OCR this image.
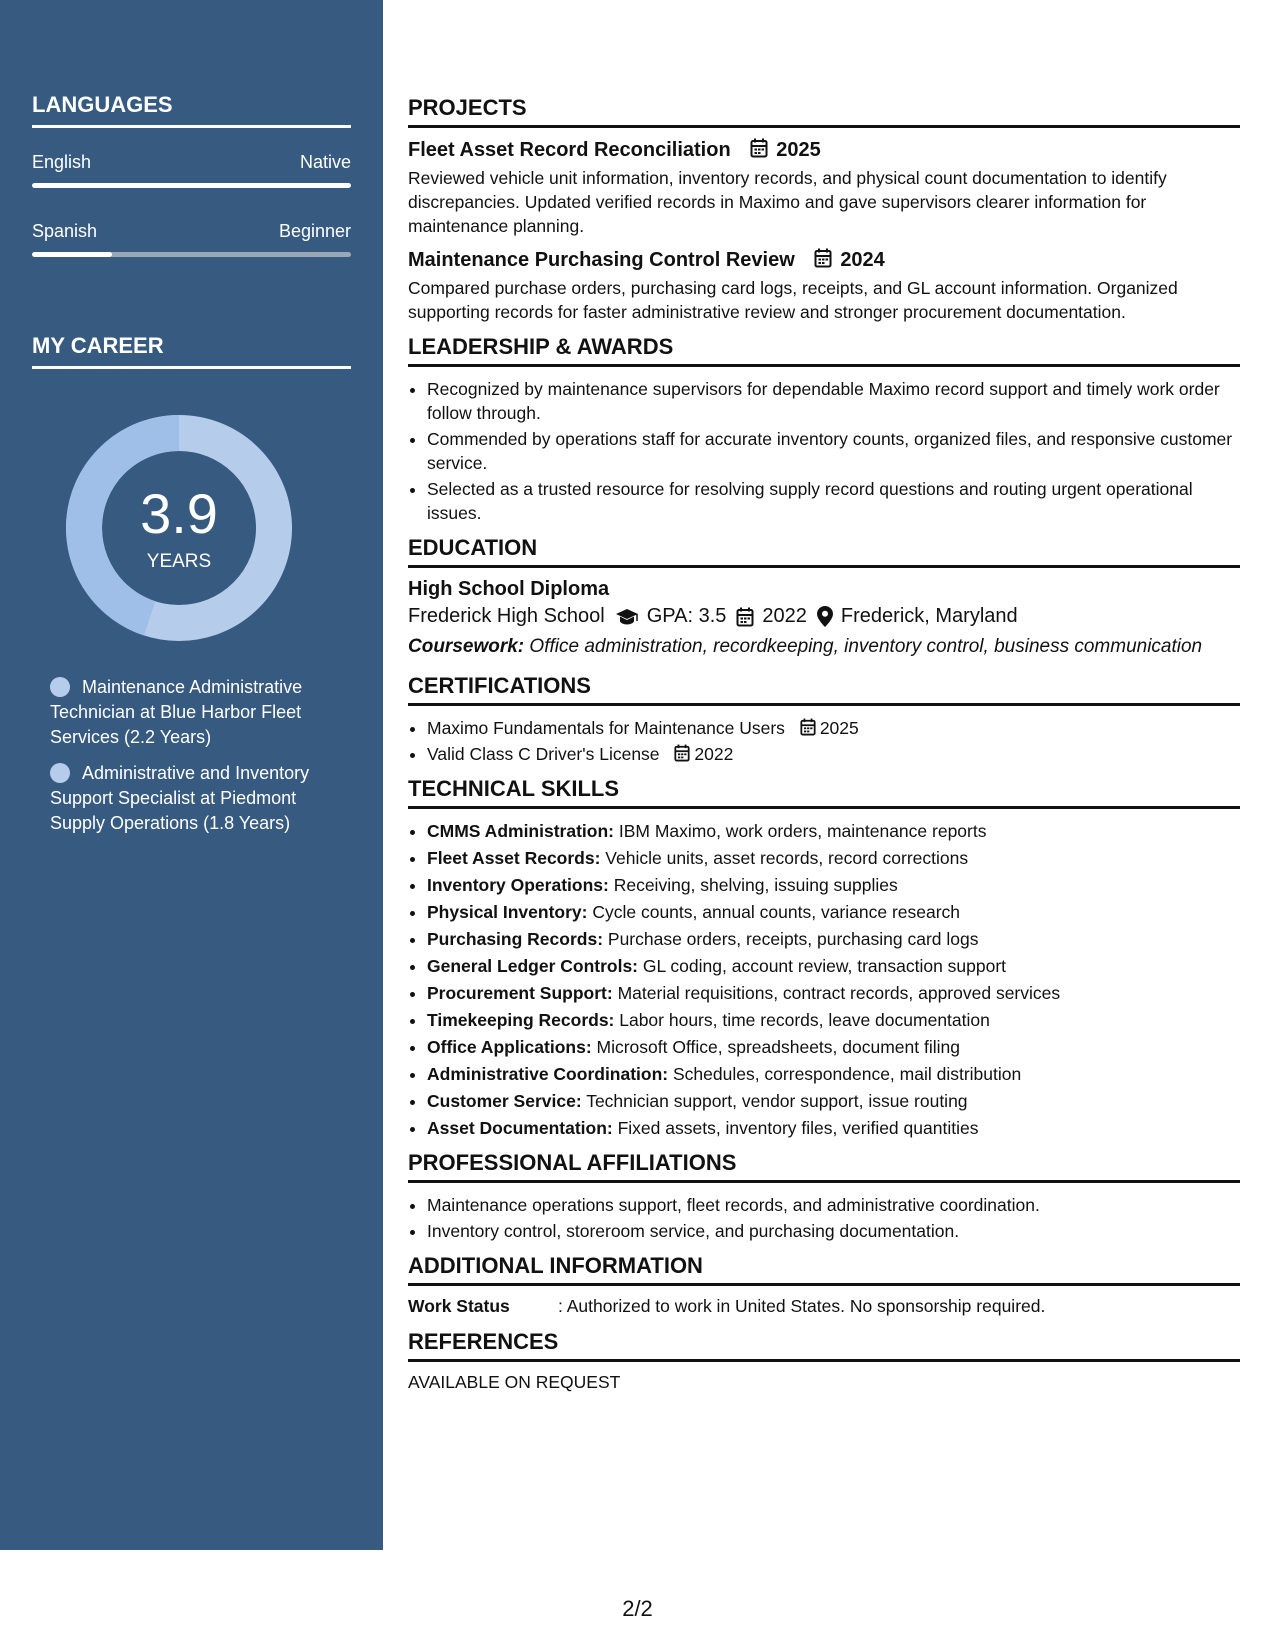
LANGUAGES
English	Native
Spanish	Beginner
MY CAREER
3.9
YEARS
Maintenance Administrative Technician at Blue Harbor Fleet Services (2.2 Years)
Administrative and Inventory Support Specialist at Piedmont Supply Operations (1.8 Years)
PROJECTS
Fleet Asset Record Reconciliation 2025

Reviewed vehicle unit information, inventory records, and physical count documentation to identify discrepancies. Updated verified records in Maximo and gave supervisors clearer information for maintenance planning.

Maintenance Purchasing Control Review 2024

Compared purchase orders, purchasing card logs, receipts, and GL account information. Organized supporting records for faster administrative review and stronger procurement documentation.

LEADERSHIP & AWARDS
• Recognized by maintenance supervisors for dependable Maximo record support and timely work order follow through.
• Commended by operations staff for accurate inventory counts, organized files, and responsive customer service.
• Selected as a trusted resource for resolving supply record questions and routing urgent operational issues.
EDUCATION
High School Diploma
Frederick High School GPA: 3.5 2022 Frederick, Maryland

Coursework: Office administration, recordkeeping, inventory control, business communication

CERTIFICATIONS
• Maximo Fundamentals for Maintenance Users 2025
• Valid Class C Driver's License 2022
TECHNICAL SKILLS
• CMMS Administration: IBM Maximo, work orders, maintenance reports
• Fleet Asset Records: Vehicle units, asset records, record corrections
• Inventory Operations: Receiving, shelving, issuing supplies
• Physical Inventory: Cycle counts, annual counts, variance research
• Purchasing Records: Purchase orders, receipts, purchasing card logs
• General Ledger Controls: GL coding, account review, transaction support
• Procurement Support: Material requisitions, contract records, approved services
• Timekeeping Records: Labor hours, time records, leave documentation
• Office Applications: Microsoft Office, spreadsheets, document filing
• Administrative Coordination: Schedules, correspondence, mail distribution
• Customer Service: Technician support, vendor support, issue routing
• Asset Documentation: Fixed assets, inventory files, verified quantities
PROFESSIONAL AFFILIATIONS
• Maintenance operations support, fleet records, and administrative coordination.
• Inventory control, storeroom service, and purchasing documentation.
ADDITIONAL INFORMATION
Work Status	: Authorized to work in United States. No sponsorship required.
REFERENCES

AVAILABLE ON REQUEST

2/2
